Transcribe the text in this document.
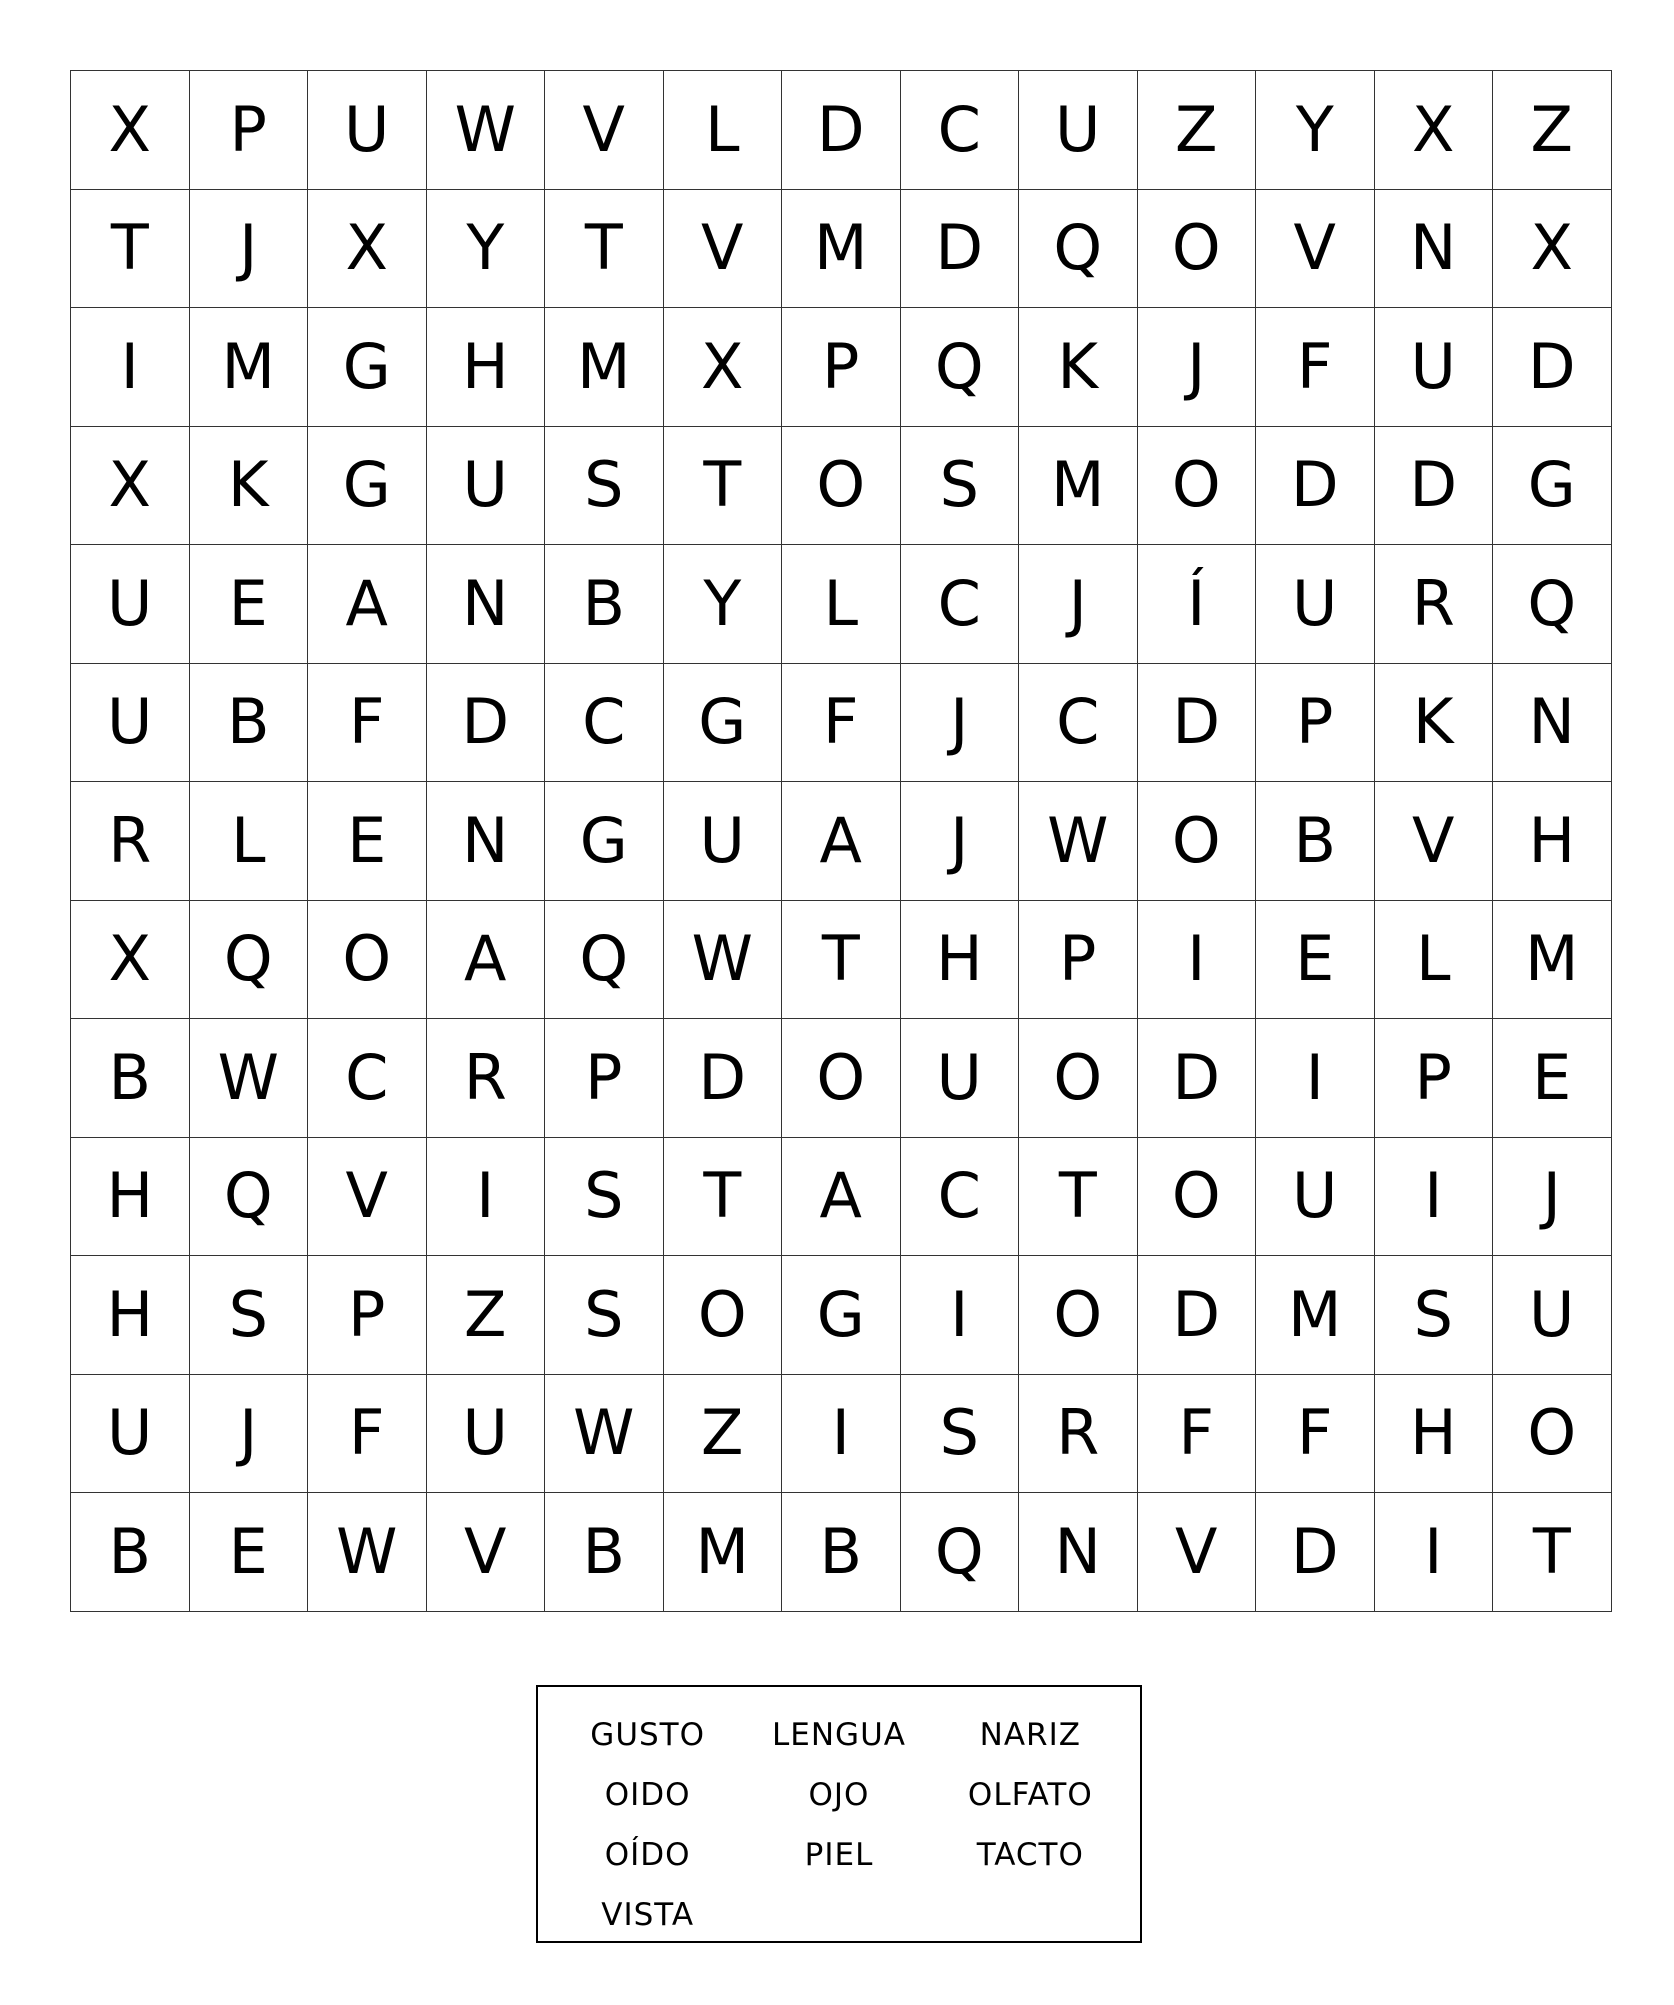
X	P	U	W	V	L	D	C	U	Z	Y	X	Z
T	J	X	Y	T	V	M	D	Q	O	V	N	X
I	M	G	H	M	X	P	Q	K	J	F	U	D
X	K	G	U	S	T	O	S	M	O	D	D	G
U	E	A	N	B	Y	L	C	J	Í	U	R	Q
U	B	F	D	C	G	F	J	C	D	P	K	N
R	L	E	N	G	U	A	J	W	O	B	V	H
X	Q	O	A	Q	W	T	H	P	I	E	L	M
B	W	C	R	P	D	O	U	O	D	I	P	E
H	Q	V	I	S	T	A	C	T	O	U	I	J
H	S	P	Z	S	O	G	I	O	D	M	S	U
U	J	F	U	W	Z	I	S	R	F	F	H	O
B	E	W	V	B	M	B	Q	N	V	D	I	T
GUSTO	LENGUA	NARIZ
OIDO	OJO	OLFATO
OÍDO	PIEL	TACTO
VISTA
